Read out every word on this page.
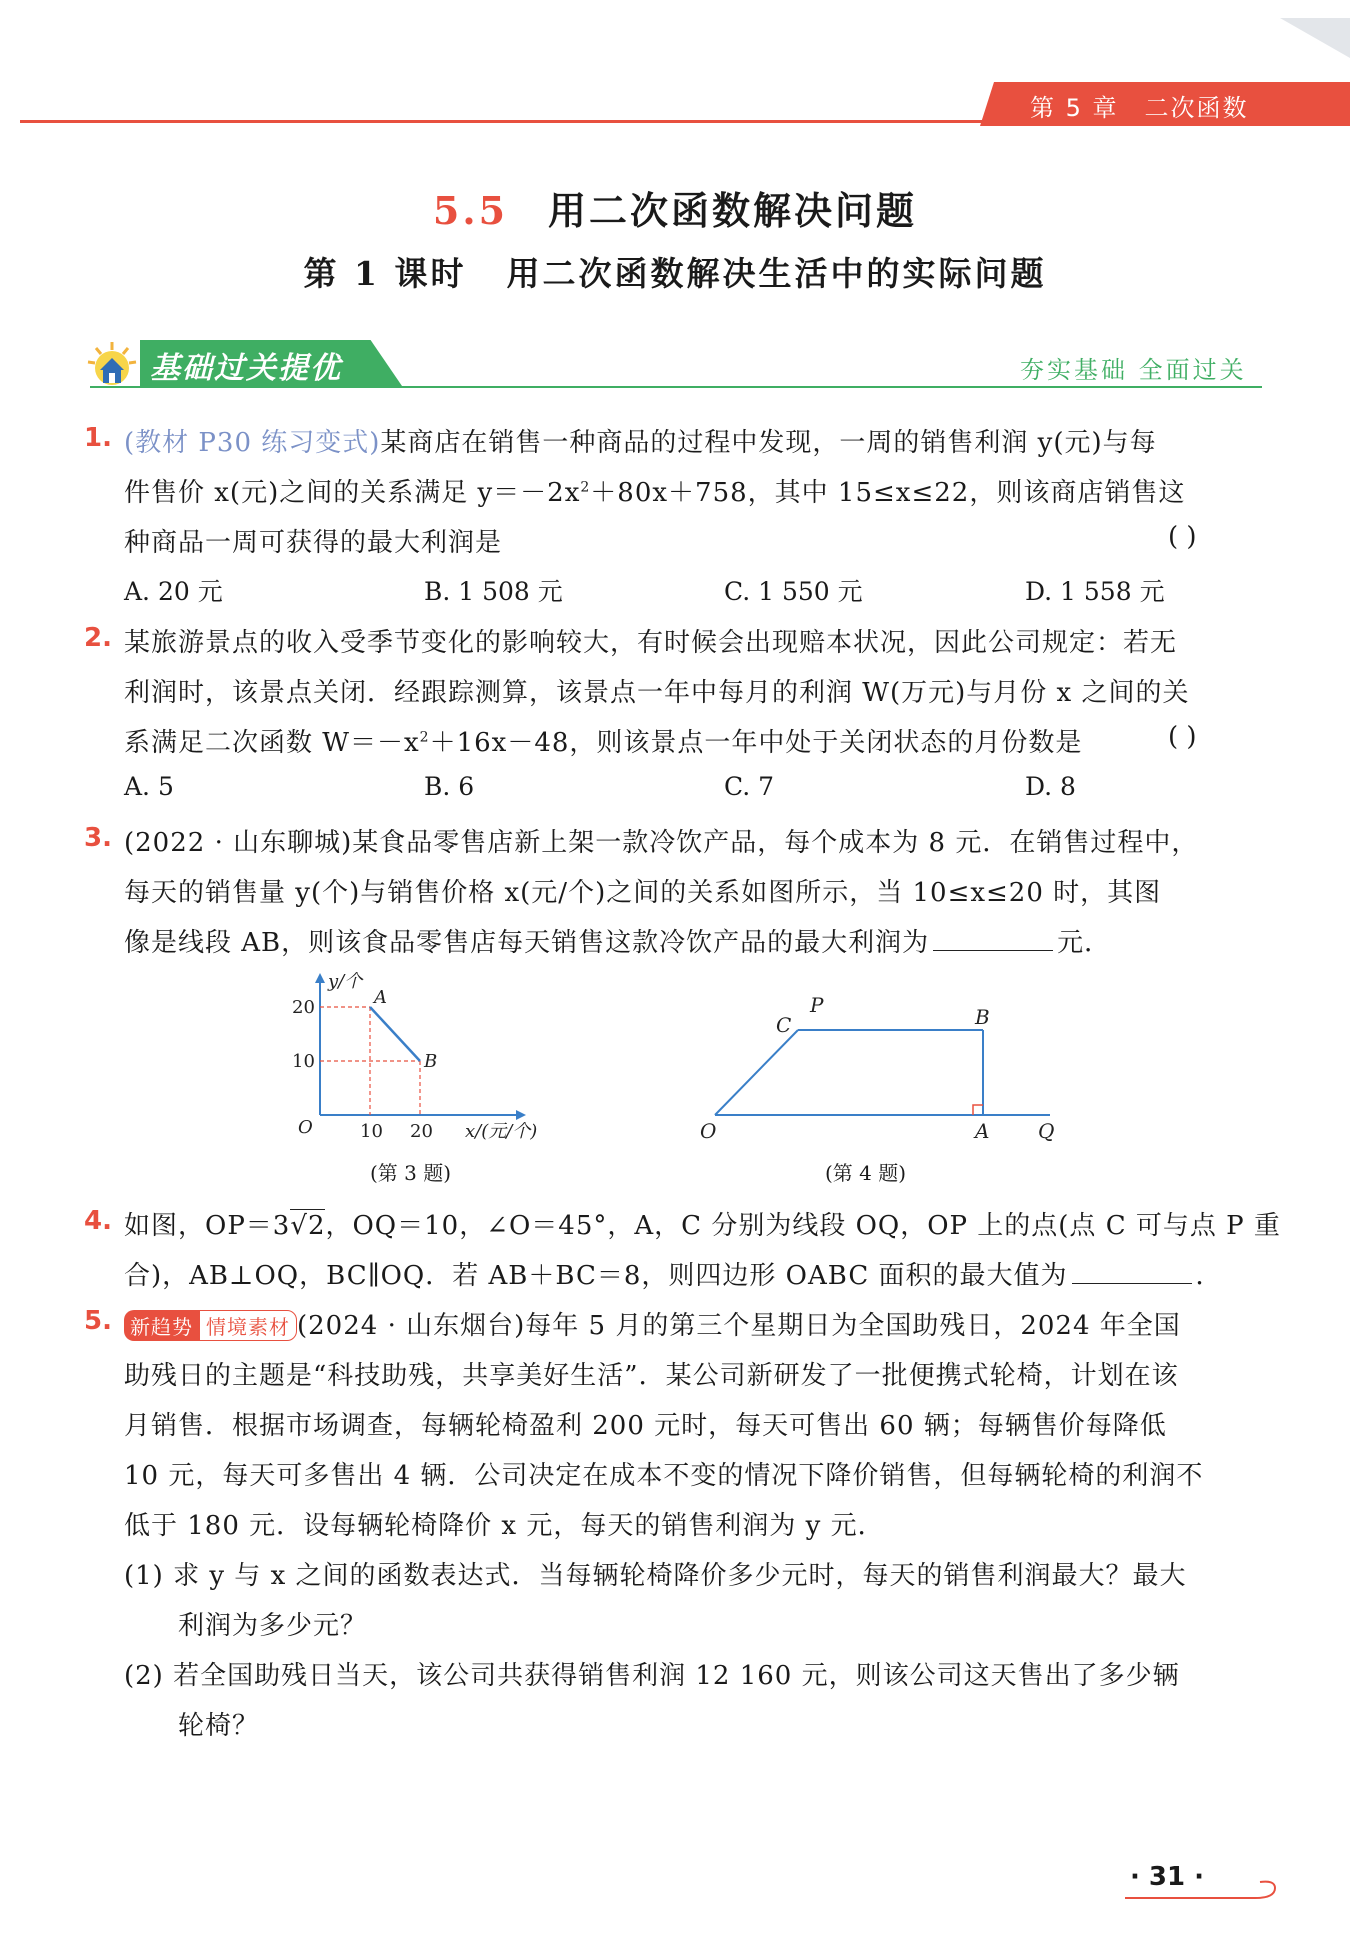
第 5 章 二次函数
5.5 用二次函数解决问题
第 1 课时 用二次函数解决生活中的实际问题
基础过关提优	夯实基础 全面过关
1. (教材 P30 练习变式)某商店在销售一种商品的过程中发现，一周的销售利润 y(元)与每
件售价 x(元)之间的关系满足 $y=-2x^2+80x+758$，其中 15≤x≤22，则该商店销售这
种商品一周可获得的最大利润是	( )
A. 20 元	B. 1 508 元	C. 1 550 元	D. 1 558 元
2. 某旅游景点的收入受季节变化的影响较大，有时候会出现赔本状况，因此公司规定：若无
利润时，该景点关闭．经跟踪测算，该景点一年中每月的利润 W(万元)与月份 x 之间的关
系满足二次函数 $W=-x^2+16x-48$，则该景点一年中处于关闭状态的月份数是	( )
A. 5	B. 6	C. 7	D. 8
3. (2022 · 山东聊城)某食品零售店新上架一款冷饮产品，每个成本为 8 元．在销售过程中，
每天的销售量 y(个)与销售价格 x(元/个)之间的关系如图所示，当 10≤x≤20 时，其图
像是线段 AB，则该食品零售店每天销售这款冷饮产品的最大利润为	元．
y/个
20
10
O	10 20 x/(元/个)
A
B
(第 3 题)
O	A Q
C
P	B
(第 4 题)
4. 如图，OP＝3√2，OQ＝10，∠O＝45°，A，C 分别为线段 OQ，OP 上的点(点 C 可与点 P 重
合)，AB⊥OQ，BC∥OQ．若 AB＋BC＝8，则四边形 OABC 面积的最大值为	．
5. 新趋势 情境素材 (2024 · 山东烟台)每年 5 月的第三个星期日为全国助残日，2024 年全国
助残日的主题是“科技助残，共享美好生活”．某公司新研发了一批便携式轮椅，计划在该
月销售．根据市场调查，每辆轮椅盈利 200 元时，每天可售出 60 辆；每辆售价每降低
10 元，每天可多售出 4 辆．公司决定在成本不变的情况下降价销售，但每辆轮椅的利润不
低于 180 元．设每辆轮椅降价 x 元，每天的销售利润为 y 元．
(1) 求 y 与 x 之间的函数表达式．当每辆轮椅降价多少元时，每天的销售利润最大？最大
利润为多少元？
(2) 若全国助残日当天，该公司共获得销售利润 12 160 元，则该公司这天售出了多少辆
轮椅？
· 31 ·
